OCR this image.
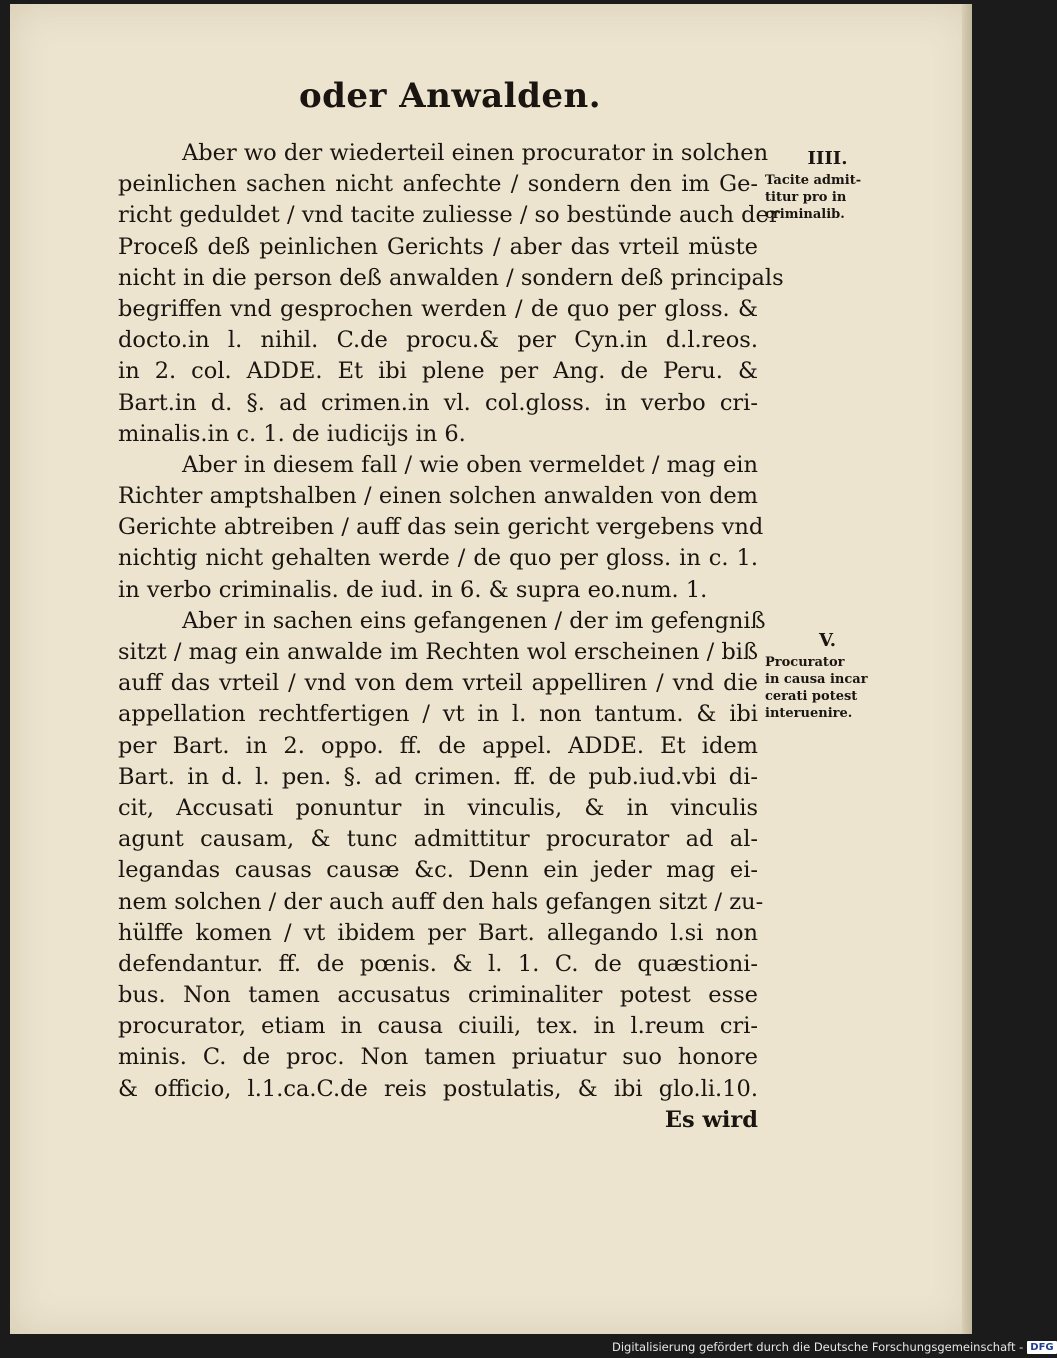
oder Anwalden.
Aber wo der wiederteil einen procurator in solchen
peinlichen sachen nicht anfechte / sondern den im Ge-
richt geduldet / vnd tacite zuliesse / so bestünde auch der
Proceß deß peinlichen Gerichts / aber das vrteil müste
nicht in die person deß anwalden / sondern deß principals
begriffen vnd gesprochen werden / de quo per gloss. &
docto.in l. nihil. C.de procu.& per Cyn.in d.l.reos.
in 2. col. ADDE. Et ibi plene per Ang. de Peru. &
Bart.in d. §. ad crimen.in vl. col.gloss. in verbo cri-
minalis.in c. 1. de iudicijs in 6.
Aber in diesem fall / wie oben vermeldet / mag ein
Richter amptshalben / einen solchen anwalden von dem
Gerichte abtreiben / auff das sein gericht vergebens vnd
nichtig nicht gehalten werde / de quo per gloss. in c. 1.
in verbo criminalis. de iud. in 6. & supra eo.num. 1.
Aber in sachen eins gefangenen / der im gefengniß
sitzt / mag ein anwalde im Rechten wol erscheinen / biß
auff das vrteil / vnd von dem vrteil appelliren / vnd die
appellation rechtfertigen / vt in l. non tantum. & ibi
per Bart. in 2. oppo. ff. de appel. ADDE. Et idem
Bart. in d. l. pen. §. ad crimen. ff. de pub.iud.vbi di-
cit, Accusati ponuntur in vinculis, & in vinculis
agunt causam, & tunc admittitur procurator ad al-
legandas causas causæ &c. Denn ein jeder mag ei-
nem solchen / der auch auff den hals gefangen sitzt / zu-
hülffe komen / vt ibidem per Bart. allegando l.si non
defendantur. ff. de pœnis. & l. 1. C. de quæstioni-
bus. Non tamen accusatus criminaliter potest esse
procurator, etiam in causa ciuili, tex. in l.reum cri-
minis. C. de proc. Non tamen priuatur suo honore
& officio, l.1.ca.C.de reis postulatis, & ibi glo.li.10.
Es wird
IIII.
Tacite admit-
titur pro in
criminalib.
V.
Procurator
in causa incar
cerati potest
interuenire.
Digitalisierung gefördert durch die Deutsche Forschungsgemeinschaft - DFG
